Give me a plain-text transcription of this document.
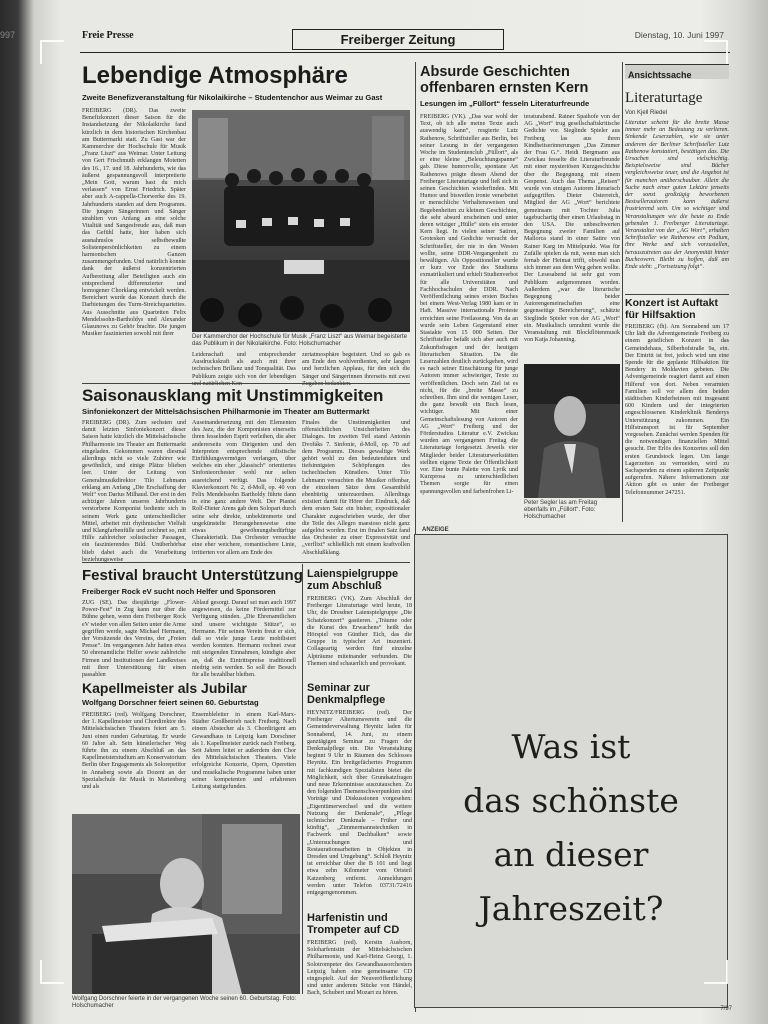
997	Freie Presse	Freiberger Zeitung	Dienstag, 10. Juni 1997
Lebendige Atmosphäre
Zweite Benefizveranstaltung für Nikolaikirche – Studentenchor aus Weimar zu Gast
FREIBERG (DR). Das zweite Benefizkonzert dieser Saison für die Instandsetzung der Nikolaikirche fand kürzlich in dem historischen Kirchenbau am Buttermarkt statt. Zu Gast war der Kammerchor der Hochschule für Musik „Franz Liszt“ aus Weimar. Unter Leitung von Gert Frischmuth erklangen Motetten des 16., 17. und 18. Jahrhunderts, wie das äußerst gespannungsvoll interpretierte „Mein Gott, warum hast du mich verlassen“ von Ernst Friedrich. Später aber auch A-cappella-Chorwerke des 19. Jahrhunderts standen auf dem Programm. Die jungen Sängerinnen und Sänger strahlten von Anfang an eine solche Vitalität und Sangesfreude aus, daß man das Gefühl hatte, hier haben sich ausnahmslos selbstbewußte Solistenpersönlichkeiten zu einem harmonischen Ganzen zusammengefunden. Und natürlich konnte dank der äußerst konzentrierten Aufbereitung aller Beteiligten auch ein entsprechend differenzierter und homogener Chorklang entwickelt werden. Bereichert wurde das Konzert durch die Darbietungen des Turm-Streichquartettes. Aus Ausschnitte aus Quartetten Felix Mendelssohn-Bartholdys und Alexander Glasunows zu Gehör brachte. Die jungen Musiker faszinierten sowohl mit ihrer	Der Kammerchor der Hochschule für Musik „Franz Liszt“ aus Weimar begeisterte das Publikum in der Nikolaikirche. Foto: Holschumacher
Leidenschaft und entsprechender Ausdruckskraft als auch mit ihrer technischen Brillanz und Tonqualität. Das Publikum zeigte sich von der lebendigen und natürlichen Kon-
zertatmosphäre begeistert. Und so gab es am Ende den wohlverdienten, sehr langen und herzlichen Applaus, für den sich die Sänger und Sängerinnen ihrerseits mit zwei Zugaben bedankten.
Saisonausklang mit Unstimmigkeiten
Sinfoniekonzert der Mittelsächsischen Philharmonie im Theater am Buttermarkt
FREIBERG (DR). Zum sechsten und damit letzten Sinfoniekonzert dieser Saison hatte kürzlich die Mittelsächsische Philharmonie ins Theater am Buttermarkt eingeladen. Gekommen waren diesmal allerdings nicht so viele Zuhörer wie gewöhnlich, und einige Plätze blieben leer. Unter der Leitung von Generalmusikdirektor Tilo Lehmann erklang am Anfang „Die Erschaffung der Welt“ von Darius Milhaud. Der erst in den achtziger Jahren unseres Jahrhunderts verstorbene Komponist bediente sich in seinem Werk ganz unterschiedlicher Mittel, arbeitet mit rhythmischer Vielfalt und Klangfarbenfülle und zeichnet so, mit Hilfe zahlreicher solistischer Passagen, ein faszinierendes Bild. Unüberhörbar blieb dabei auch die Verarbeitung beziehungsweise
Auseinandersetzung mit den Elementen des Jazz, die der Komponisten einerseits ihren fesselnden Esprit verleihen, die aber andererseits vom Dirigenten und den Interpreten entsprechende stilistische Einfühlungsvermögen verlangen, über welches ein eher „klassisch“ orientiertes Sinfonieorchester wohl nur selten ausreichend verfügt. Das folgende Klavierkonzert Nr. 2, d-Moll, op. 40 von Felix Mendelssohn Bartholdy führte dann in eine ganz andere Welt. Der Pianist Rolf-Dieter Arens gab dem Solopart durch seine sehr direkte, unbekümmerte und ungekünstelte Herangehensweise eine etwas gewöhnungsbedürftige Charakteristik. Das Orchester versuchte eine eher weichere, romantischere Linie, irritierten vor allem am Ende des
Finales die Unstimmigkeiten und offensichtlichen Unsicherheiten des Dialoges. Im zweiten Teil stand Antonín Dvořáks 7. Sinfonie, d-Moll, op. 70 auf dem Programm. Dieses gewaltige Werk gehört wohl zu den bedeutendsten und tiefsinnigsten Schöpfungen des tschechischen Künstlers. Unter Tilo Lehmann versuchten die Musiker offenbar, die einzelnen Sätze dem Gesamtbild ebenbürtig unterzuordnen. Allerdings existiert damit für Hörer der Eindruck, daß dem ersten Satz ein bisher, expositionaler Charakter zugeschrieben wurde, der über die Teile des Allegro maestoso nicht ganz aufgelöst worden. Erst im finalen Satz fand das Orchester zu einer Expressivität und „verflixt“ schließlich mit einem kraftvollen Abschlußklang.
Festival braucht Unterstützung
Freiberger Rock eV sucht noch Helfer und Sponsoren
ZUG (SE). Das diesjährige „Flower-Power-Fest“ in Zug kann nur über die Bühne gehen, wenn dem Freiberger Rock eV wieder von allen Seiten unter die Arme gegriffen werde, sagte Michael Hermann, der Vorsitzende des Vereins, der „Freien Presse“. Im vergangenen Jahr hatten etwa 50 ehrenamtliche Helfer sowie zahlreiche Firmen und Institutionen der Landkreises mit ihrer Unterstützung für einen passablen
Ablauf gesorgt. Darauf sei man auch 1997 angewiesen, da keine Fördermittel zur Verfügung stünden. „Die Ehrenamtlichen sind unsere wichtigste Stütze“, so Hermann. Für seinen Verein freut er sich, daß so viele junge Leute mobilisiert werden konnten. Hermann rechnet zwar mit steigenden Einnahmen, kündigte aber an, daß die Eintrittspreise traditionell niedrig sein werden. So soll der Besuch für alle bezahlbar bleiben.
Kapellmeister als Jubilar
Wolfgang Dorschner feiert seinen 60. Geburtstag
FREIBERG (red). Wolfgang Dorschner, der 1. Kapellmeister und Chordirektor des Mittelsächsischen Theaters feiert am 5. Juni einen runden Geburtstag. Er wurde 60 Jahre alt. Sein künstlerischer Weg führte ihn zu einem Abschluß an das Kapellmeisterstudium am Konservatorium Berlin über Engagements als Solorepetitor in Annaberg sowie als Dozent an der Spezialschule für Musik in Marienberg und als
Ensembleleiter in einem Karl-Marx-Städter Großbetrieb nach Freiberg. Nach einem Abstecher als 3. Chordirigent am Gewandhaus in Leipzig kam Dorschner als 1. Kapellmeister zurück nach Freiberg. Seit Jahren leitet er außerdem den Chor des Mittelsächsischen Theaters. Viele erfolgreiche Konzerte, Opern, Operetten und musikalische Programme haben unter seiner kompetenten und erfahrenen Leitung stattgefunden.
Wolfgang Dorschner feierte in der vergangenen Woche seinen 60. Geburtstag. Foto: Holschumacher
Laienspielgruppe zum Abschluß
FREIBERG (VK). Zum Abschluß der Freiberger Literaturtage wird heute, 18 Uhr, die Dresdner Laienspielgruppe „Die Schatzkonzert“ gastieren. „Träume oder die Kunst des Erwachens“ heißt das Hörspiel von Günther Eich, das die Gruppe in typischer Art inszeniert. Collageartig werden fünf einzelne Alpträume miteinander verbunden. Die Themen sind schauerlich und provokant.
Seminar zur Denkmalpflege
HEYNITZ/FREIBERG (red). Der Freiberger Altertumsverein und die Gemeindeverwaltung Heynitz laden für Sonnabend, 14. Juni, zu einem ganztägigen Seminar zu Fragen der Denkmalpflege ein. Die Veranstaltung beginnt 9 Uhr in Räumen des Schlosses Heynitz. Ein breitgefächertes Programm mit fachkundigen Spezialisten bietet die Möglichkeit, sich über Grundsatzfragen und neue Erkenntnisse auszutauschen. Zu den folgenden Themenschwerpunkten sind Vorträge und Diskussionen vorgesehen: „Eigentümerwechsel und die weitere Nutzung der Denkmale“, „Pflege technischer Denkmale – Früher und künftig“, „Zimmermannstechniken in Fachwerk und Dachbalken“ sowie „Untersuchungen und Restaurationsarbeiten in Objekten in Dresden und Umgebung“. Schloß Heynitz ist erreichbar über die B 101 und liegt etwa zehn Kilometer vom Ortsteil Katzenberg entfernt. Anmeldungen werden unter Telefon 03731/72416 entgegengenommen.
Harfenistin und Trompeter auf CD
FREIBERG (red). Kerstin Ausborn, Soloharfenistin der Mittelsächsischen Philharmonie, und Karl-Heinz Georgi, 1. Solotrompeter des Gewandhausorchesters Leipzig haben eine gemeinsame CD eingespielt. Auf der Neuveröffentlichung sind unter anderem Stücke von Händel, Bach, Schubert und Mozart zu hören.
Absurde Geschichten offenbaren ernsten Kern
Lesungen im „Füllort“ fesseln Literaturfreunde
FREIBERG (VK). „Das war wohl der Text, ob ich alle meine Texte auch auswendig kann“, resgierte Lutz Rathenow, Schriftsteller aus Berlin, bei seiner Lesung in der vergangenen Woche im Studentenclub „Füllort“, als er eine kleine „Beleuchtungspanne“ gab. Diese humorvolle, spontane Art Rathenows prägte diesen Abend der Freiberger Literaturtage und ließ sich in seinen Geschichten wiederfinden. Mit Humor und bisweilen ironie verarbeitet er menschliche Verhaltensweisen und Begebenheiten zu kleinen Geschichten, die sehr absurd erscheinen und unter deren witziger „Hülle“ stets ein ernster Kern liegt. In vielen seiner Satiren, Grotesken und Gedichte versucht der Schriftsteller, der nie in den Westen wollte, seine DDR-Vergangenheit zu bewältigen. Als Oppositioneller wurde er kurz vor Ende des Studiums exmatrikuliert und erhielt Studienverbot für alle Universitäten und Fachhochschulen der DDR. Nach Veröffentlichung seines ersten Buches bei einem West-Verlag 1980 kam er in Haft. Massive internationale Proteste erreichten seine Freilassung. Von da an wurde sein Leben Gegenstand einer Stasiakte von 15 000 Seiten. Der Schriftsteller befaßt sich aber auch mit Zukunftsfragen und der heutigen literarischen Situation. Da die Leserzahlen deutlich zurückgehen, wird es nach seiner Einschätzung für junge Autoren immer schwieriger, Texte zu veröffentlichen. Doch sein Ziel ist es nicht, für die „breite Masse“ zu schreiben. Ihm sind die wenigen Leser, die ganz bewußt ein Buch lesen, wichtiger. Mit einer Gemeinschaftslesung von Autoren der AG „Wort“ Freiberg und der Förderstudios Literatur e.V. Zwickau wurden am vergangenen Freitag die Literaturtage fortgesetzt. Jeweils vier Mitglieder beider Literaturwerkstätten stellten eigene Texte der Öffentlichkeit vor. Eine bunte Palette von Lyrik und Kurzprosa zu unterschiedlichen Themen sorgte für einen spannungsvollen und farbenfrohen Li-
teraturabend. Rainer Spaihofe von der AG „Wort“ trug gesellschaftskritische Gedichte vor. Sieglinde Spieler aus Freiberg las aus ihren Kindheitserinnerungen „Das Zimmer der Frau G.“. Heidi Bergmann aus Zwickau fesselte die Literaturfreunde mit einer mysteriösen Kurzgeschichte über die Begegnung mit einem Gespenst. Auch das Thema „Reisen“ wurde von einigen Autoren literarisch aufgegriffen. Dieter Osterreich, Mitglied der AG „Wort“ berichtete gemeinsam mit Tochter Julia tagebuchartig über einen Urlaubstag in den USA. Die unbeschwerten Begegnung zweier Familien auf Mallorca stand in einer Satire von Rainer Karg im Mittelpunkt. Was für Zufälle spielen da mit, wenn man sich fernab der Heimat trifft, obwohl man sich immer aus dem Weg gehen wollte. Der Lesesabend ist sehr gut vom Publikum aufgenommen worden. Außerdem „war die literarische Begegnung beider Autorengemeinschaften eine gegenseitige Bereicherung“, schätzte Sieglinde Spieler von der AG „Wort“ ein. Musikalisch umrahmt wurde die Veranstaltung mit Blockflötenmusik von Katja Johanning.
Peter Segler las am Freitag ebenfalls im „Füllort“. Foto: Holschumacher
Ansichtssache
Literaturtage
Von Kjell Riedel
Literatur scheint für die breite Masse immer mehr an Bedeutung zu verlieren. Sinkende Leserzahlen, wie sie unter anderem der Berliner Schriftsteller Lutz Rathenow konstatiert, bestätigen das. Die Ursachen sind vielschichtig. Beispielsweise sind Bücher vergleichsweise teuer, und die Angebot ist für manchen unüberschaubar. Allein die Suche nach einer guten Lektüre jenseits der sonst großzügig beworbenen Bestsellerautoren kann äußerst frustrierend sein. Um so wichtiger sind Veranstaltungen wie die heute zu Ende gehenden 1. Freiberger Literaturtage. Veranstaltet von der „AG Wort“, erhalten Schriftsteller wie Rathenow ein Podium, ihre Werke und sich vorzustellen, herauszutreten aus der Anonymität hinter Buchcovern. Bleibt zu hoffen, daß am Ende steht: „Fortsetzung folgt“.
Konzert ist Auftakt für Hilfsaktion
FREIBERG (fh). Am Sonnabend um 17 Uhr lädt die Adventgemeinde Freiberg zu einem geistlichen Konzert in das Gemeindehaus, Silberhofstraße 9a, ein. Der Eintritt ist frei, jedoch wird um eine Spende für die geplante Hilfsaktion für Bendery in Moldavien gebeten. Die Adventgemeinde reagiert damit auf einen Hilferuf von dort. Neben verarmten Familien soll vor allem den beiden städtischen Kinderheimen mit insgesamt 600 Kindern und der integrierten angeschlossenen Kinderklinik Benderys Unterstützung zukommen. Ein Hilfstransport ist für September vorgesehen. Zunächst werden Spenden für die notwendigen finanziellen Mittel gesucht. Der Erlös des Konzertes soll den ersten Grundstock legen. Um lange Lagerzeiten zu vermeiden, wird zu Sachspenden zu einem späteren Zeitpunkt aufgerufen. Nähere Informationen zur Aktion gibt es unter der Freiberger Telefonnummer 247251.
ANZEIGE
Was ist
das schönste
an dieser
Jahreszeit?
7/97
